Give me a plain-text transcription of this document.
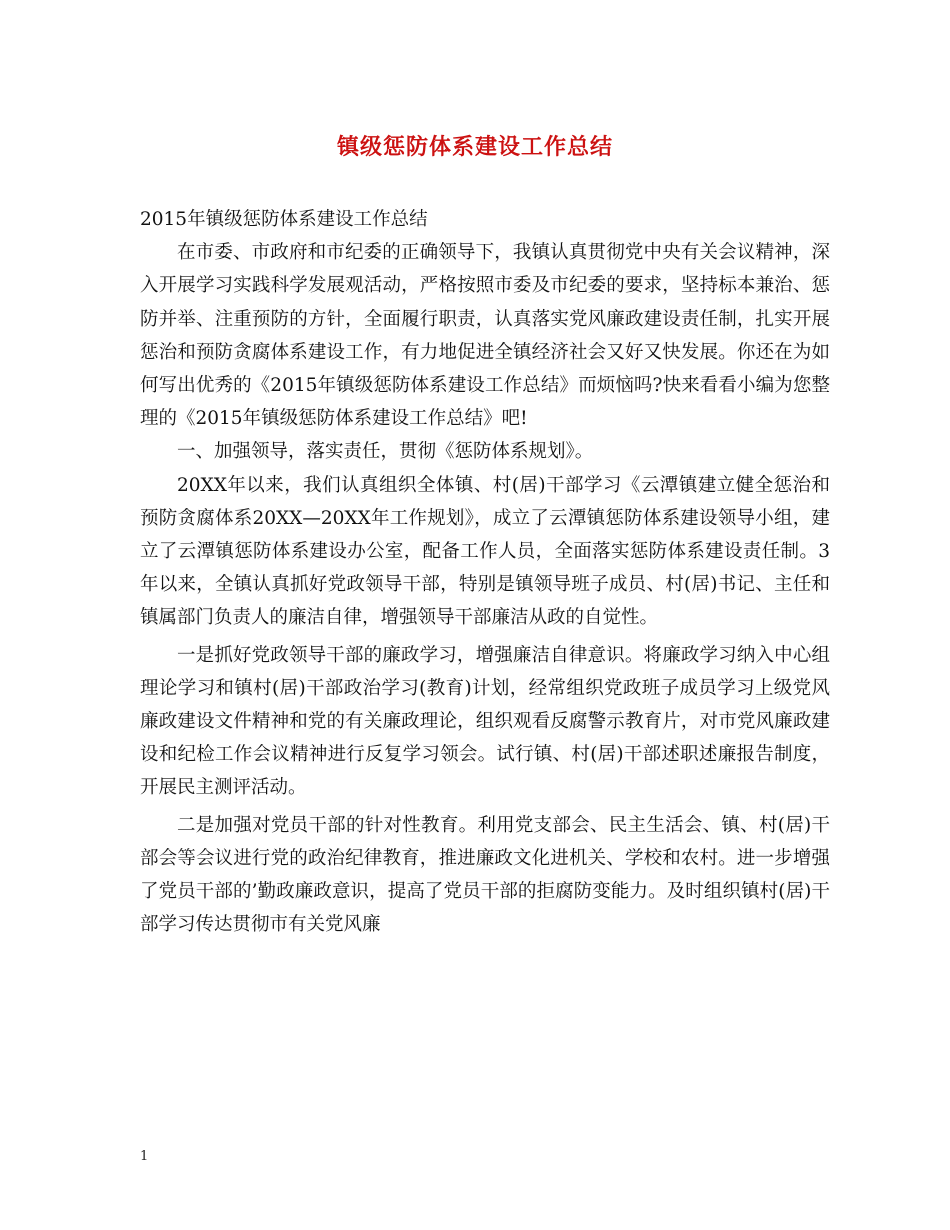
镇级惩防体系建设工作总结

2015年镇级惩防体系建设工作总结

在市委、市政府和市纪委的正确领导下，我镇认真贯彻党中央有关会议精神，深入开展学习实践科学发展观活动，严格按照市委及市纪委的要求，坚持标本兼治、惩防并举、注重预防的方针，全面履行职责，认真落实党风廉政建设责任制，扎实开展惩治和预防贪腐体系建设工作，有力地促进全镇经济社会又好又快发展。你还在为如何写出优秀的《2015年镇级惩防体系建设工作总结》而烦恼吗?快来看看小编为您整理的《2015年镇级惩防体系建设工作总结》吧!

一、加强领导，落实责任，贯彻《惩防体系规划》。

20XX年以来，我们认真组织全体镇、村(居)干部学习《云潭镇建立健全惩治和预防贪腐体系20XX—20XX年工作规划》，成立了云潭镇惩防体系建设领导小组，建立了云潭镇惩防体系建设办公室，配备工作人员，全面落实惩防体系建设责任制。3年以来，全镇认真抓好党政领导干部，特别是镇领导班子成员、村(居)书记、主任和镇属部门负责人的廉洁自律，增强领导干部廉洁从政的自觉性。

一是抓好党政领导干部的廉政学习，增强廉洁自律意识。将廉政学习纳入中心组理论学习和镇村(居)干部政治学习(教育)计划，经常组织党政班子成员学习上级党风廉政建设文件精神和党的有关廉政理论，组织观看反腐警示教育片，对市党风廉政建设和纪检工作会议精神进行反复学习领会。试行镇、村(居)干部述职述廉报告制度，开展民主测评活动。

二是加强对党员干部的针对性教育。利用党支部会、民主生活会、镇、村(居)干部会等会议进行党的政治纪律教育，推进廉政文化进机关、学校和农村。进一步增强了党员干部的’勤政廉政意识，提高了党员干部的拒腐防变能力。及时组织镇村(居)干部学习传达贯彻市有关党风廉

1
